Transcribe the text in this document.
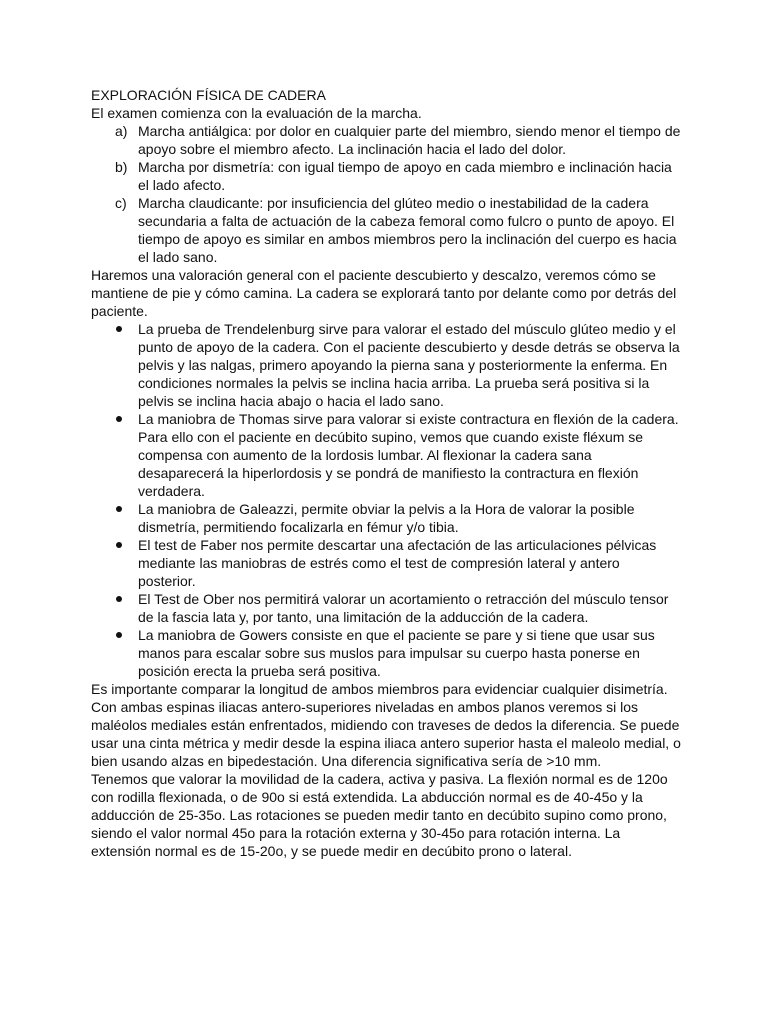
EXPLORACIÓN FÍSICA DE CADERA

El examen comienza con la evaluación de la marcha.

a) Marcha antiálgica: por dolor en cualquier parte del miembro, siendo menor el tiempo de apoyo sobre el miembro afecto. La inclinación hacia el lado del dolor.
b) Marcha por dismetría: con igual tiempo de apoyo en cada miembro e inclinación hacia el lado afecto.
c) Marcha claudicante: por insuficiencia del glúteo medio o inestabilidad de la cadera secundaria a falta de actuación de la cabeza femoral como fulcro o punto de apoyo. El tiempo de apoyo es similar en ambos miembros pero la inclinación del cuerpo es hacia el lado sano.

Haremos una valoración general con el paciente descubierto y descalzo, veremos cómo se mantiene de pie y cómo camina. La cadera se explorará tanto por delante como por detrás del paciente.

La prueba de Trendelenburg sirve para valorar el estado del músculo glúteo medio y el punto de apoyo de la cadera. Con el paciente descubierto y desde detrás se observa la pelvis y las nalgas, primero apoyando la pierna sana y posteriormente la enferma. En condiciones normales la pelvis se inclina hacia arriba. La prueba será positiva si la pelvis se inclina hacia abajo o hacia el lado sano.
La maniobra de Thomas sirve para valorar si existe contractura en flexión de la cadera. Para ello con el paciente en decúbito supino, vemos que cuando existe fléxum se compensa con aumento de la lordosis lumbar. Al flexionar la cadera sana desaparecerá la hiperlordosis y se pondrá de manifiesto la contractura en flexión verdadera.
La maniobra de Galeazzi, permite obviar la pelvis a la Hora de valorar la posible dismetría, permitiendo focalizarla en fémur y/o tibia.
El test de Faber nos permite descartar una afectación de las articulaciones pélvicas mediante las maniobras de estrés como el test de compresión lateral y antero posterior.
El Test de Ober nos permitirá valorar un acortamiento o retracción del músculo tensor de la fascia lata y, por tanto, una limitación de la adducción de la cadera.
La maniobra de Gowers consiste en que el paciente se pare y si tiene que usar sus manos para escalar sobre sus muslos para impulsar su cuerpo hasta ponerse en posición erecta la prueba será positiva.

Es importante comparar la longitud de ambos miembros para evidenciar cualquier disimetría. Con ambas espinas iliacas antero-superiores niveladas en ambos planos veremos si los maléolos mediales están enfrentados, midiendo con traveses de dedos la diferencia. Se puede usar una cinta métrica y medir desde la espina iliaca antero superior hasta el maleolo medial, o bien usando alzas en bipedestación. Una diferencia significativa sería de >10 mm.

Tenemos que valorar la movilidad de la cadera, activa y pasiva. La flexión normal es de 120o con rodilla flexionada, o de 90o si está extendida. La abducción normal es de 40-45o y la adducción de 25-35o. Las rotaciones se pueden medir tanto en decúbito supino como prono, siendo el valor normal 45o para la rotación externa y 30-45o para rotación interna. La extensión normal es de 15-20o, y se puede medir en decúbito prono o lateral.
